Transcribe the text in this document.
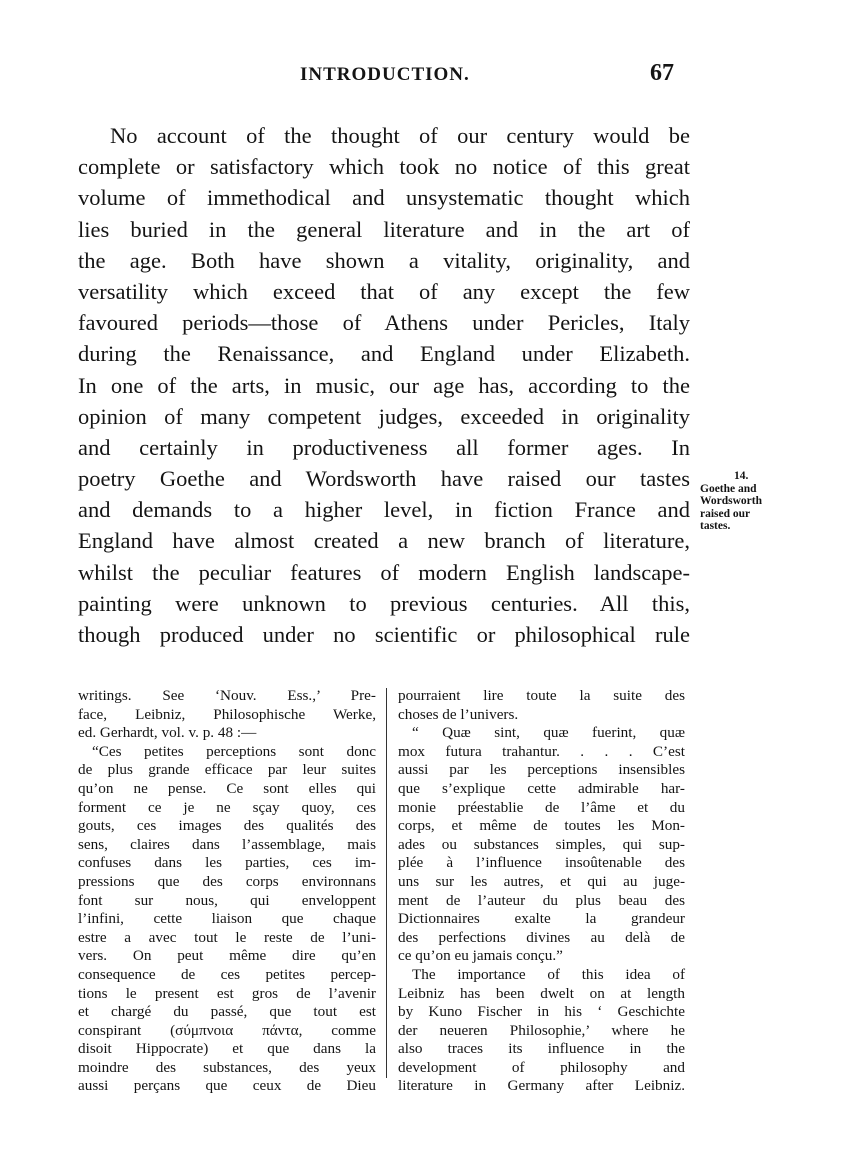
INTRODUCTION.	67
No account of the thought of our century would be
complete or satisfactory which took no notice of this great
volume of immethodical and unsystematic thought which
lies buried in the general literature and in the art of
the age. Both have shown a vitality, originality, and
versatility which exceed that of any except the few
favoured periods—those of Athens under Pericles, Italy
during the Renaissance, and England under Elizabeth.
In one of the arts, in music, our age has, according to the
opinion of many competent judges, exceeded in originality
and certainly in productiveness all former ages. In
poetry Goethe and Wordsworth have raised our tastes
and demands to a higher level, in fiction France and
England have almost created a new branch of literature,
whilst the peculiar features of modern English landscape-
painting were unknown to previous centuries. All this,
though produced under no scientific or philosophical rule
14.
Goethe and
Wordsworth
raised our
tastes.
writings. See ‘Nouv. Ess.,’ Pre-
face, Leibniz, Philosophische Werke,
ed. Gerhardt, vol. v. p. 48 :—
“Ces petites perceptions sont donc
de plus grande efficace par leur suites
qu’on ne pense. Ce sont elles qui
forment ce je ne sçay quoy, ces
gouts, ces images des qualités des
sens, claires dans l’assemblage, mais
confuses dans les parties, ces im-
pressions que des corps environnans
font sur nous, qui enveloppent
l’infini, cette liaison que chaque
estre a avec tout le reste de l’uni-
vers. On peut même dire qu’en
consequence de ces petites percep-
tions le present est gros de l’avenir
et chargé du passé, que tout est
conspirant (σύμπνοια πάντα, comme
disoit Hippocrate) et que dans la
moindre des substances, des yeux
aussi perçans que ceux de Dieu
pourraient lire toute la suite des
choses de l’univers.
“ Quæ sint, quæ fuerint, quæ
mox futura trahantur. . . . C’est
aussi par les perceptions insensibles
que s’explique cette admirable har-
monie préestablie de l’âme et du
corps, et même de toutes les Mon-
ades ou substances simples, qui sup-
plée à l’influence insoûtenable des
uns sur les autres, et qui au juge-
ment de l’auteur du plus beau des
Dictionnaires exalte la grandeur
des perfections divines au delà de
ce qu’on eu jamais conçu.”
The importance of this idea of
Leibniz has been dwelt on at length
by Kuno Fischer in his ‘ Geschichte
der neueren Philosophie,’ where he
also traces its influence in the
development of philosophy and
literature in Germany after Leibniz.
